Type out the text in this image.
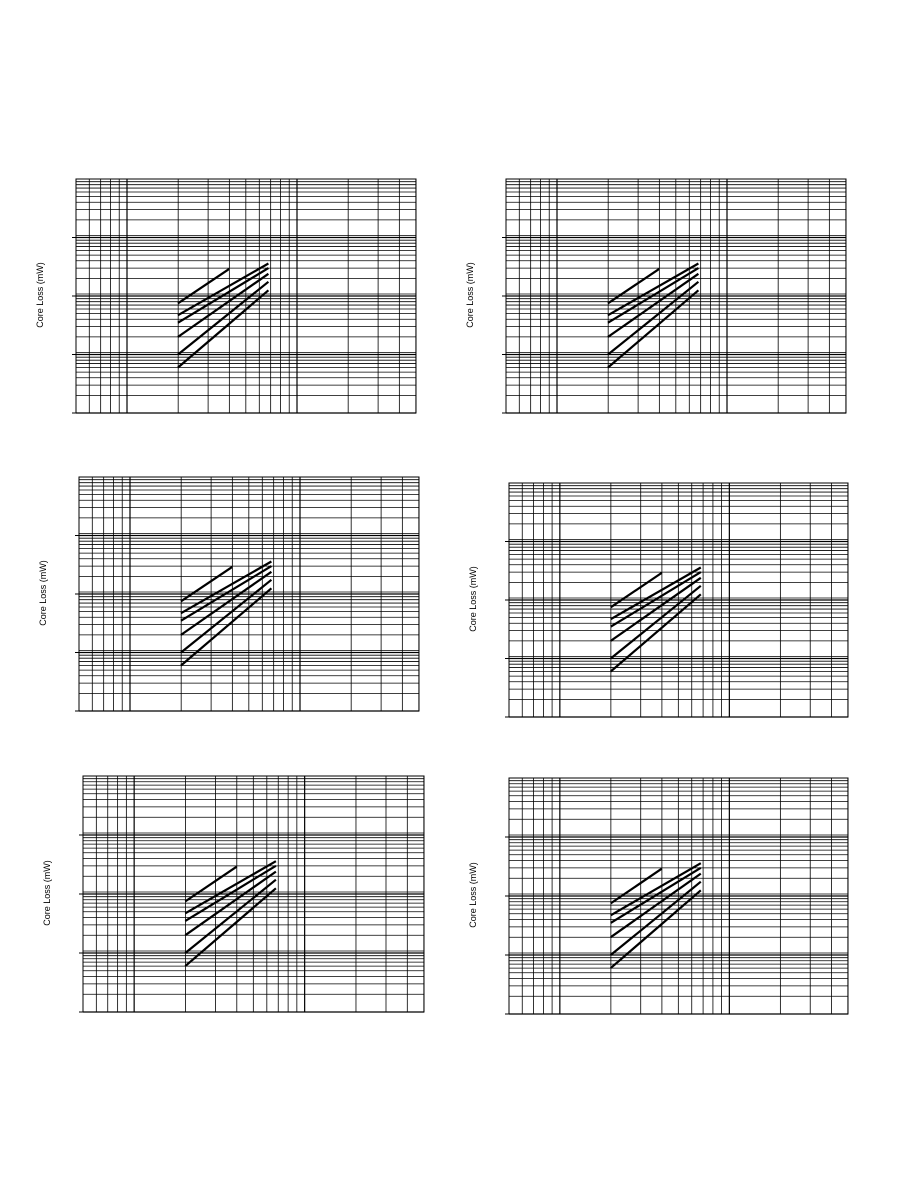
Core Loss (mW)	Core Loss (mW)
Core Loss (mW)	Core Loss (mW)
Core Loss (mW)	Core Loss (mW)
